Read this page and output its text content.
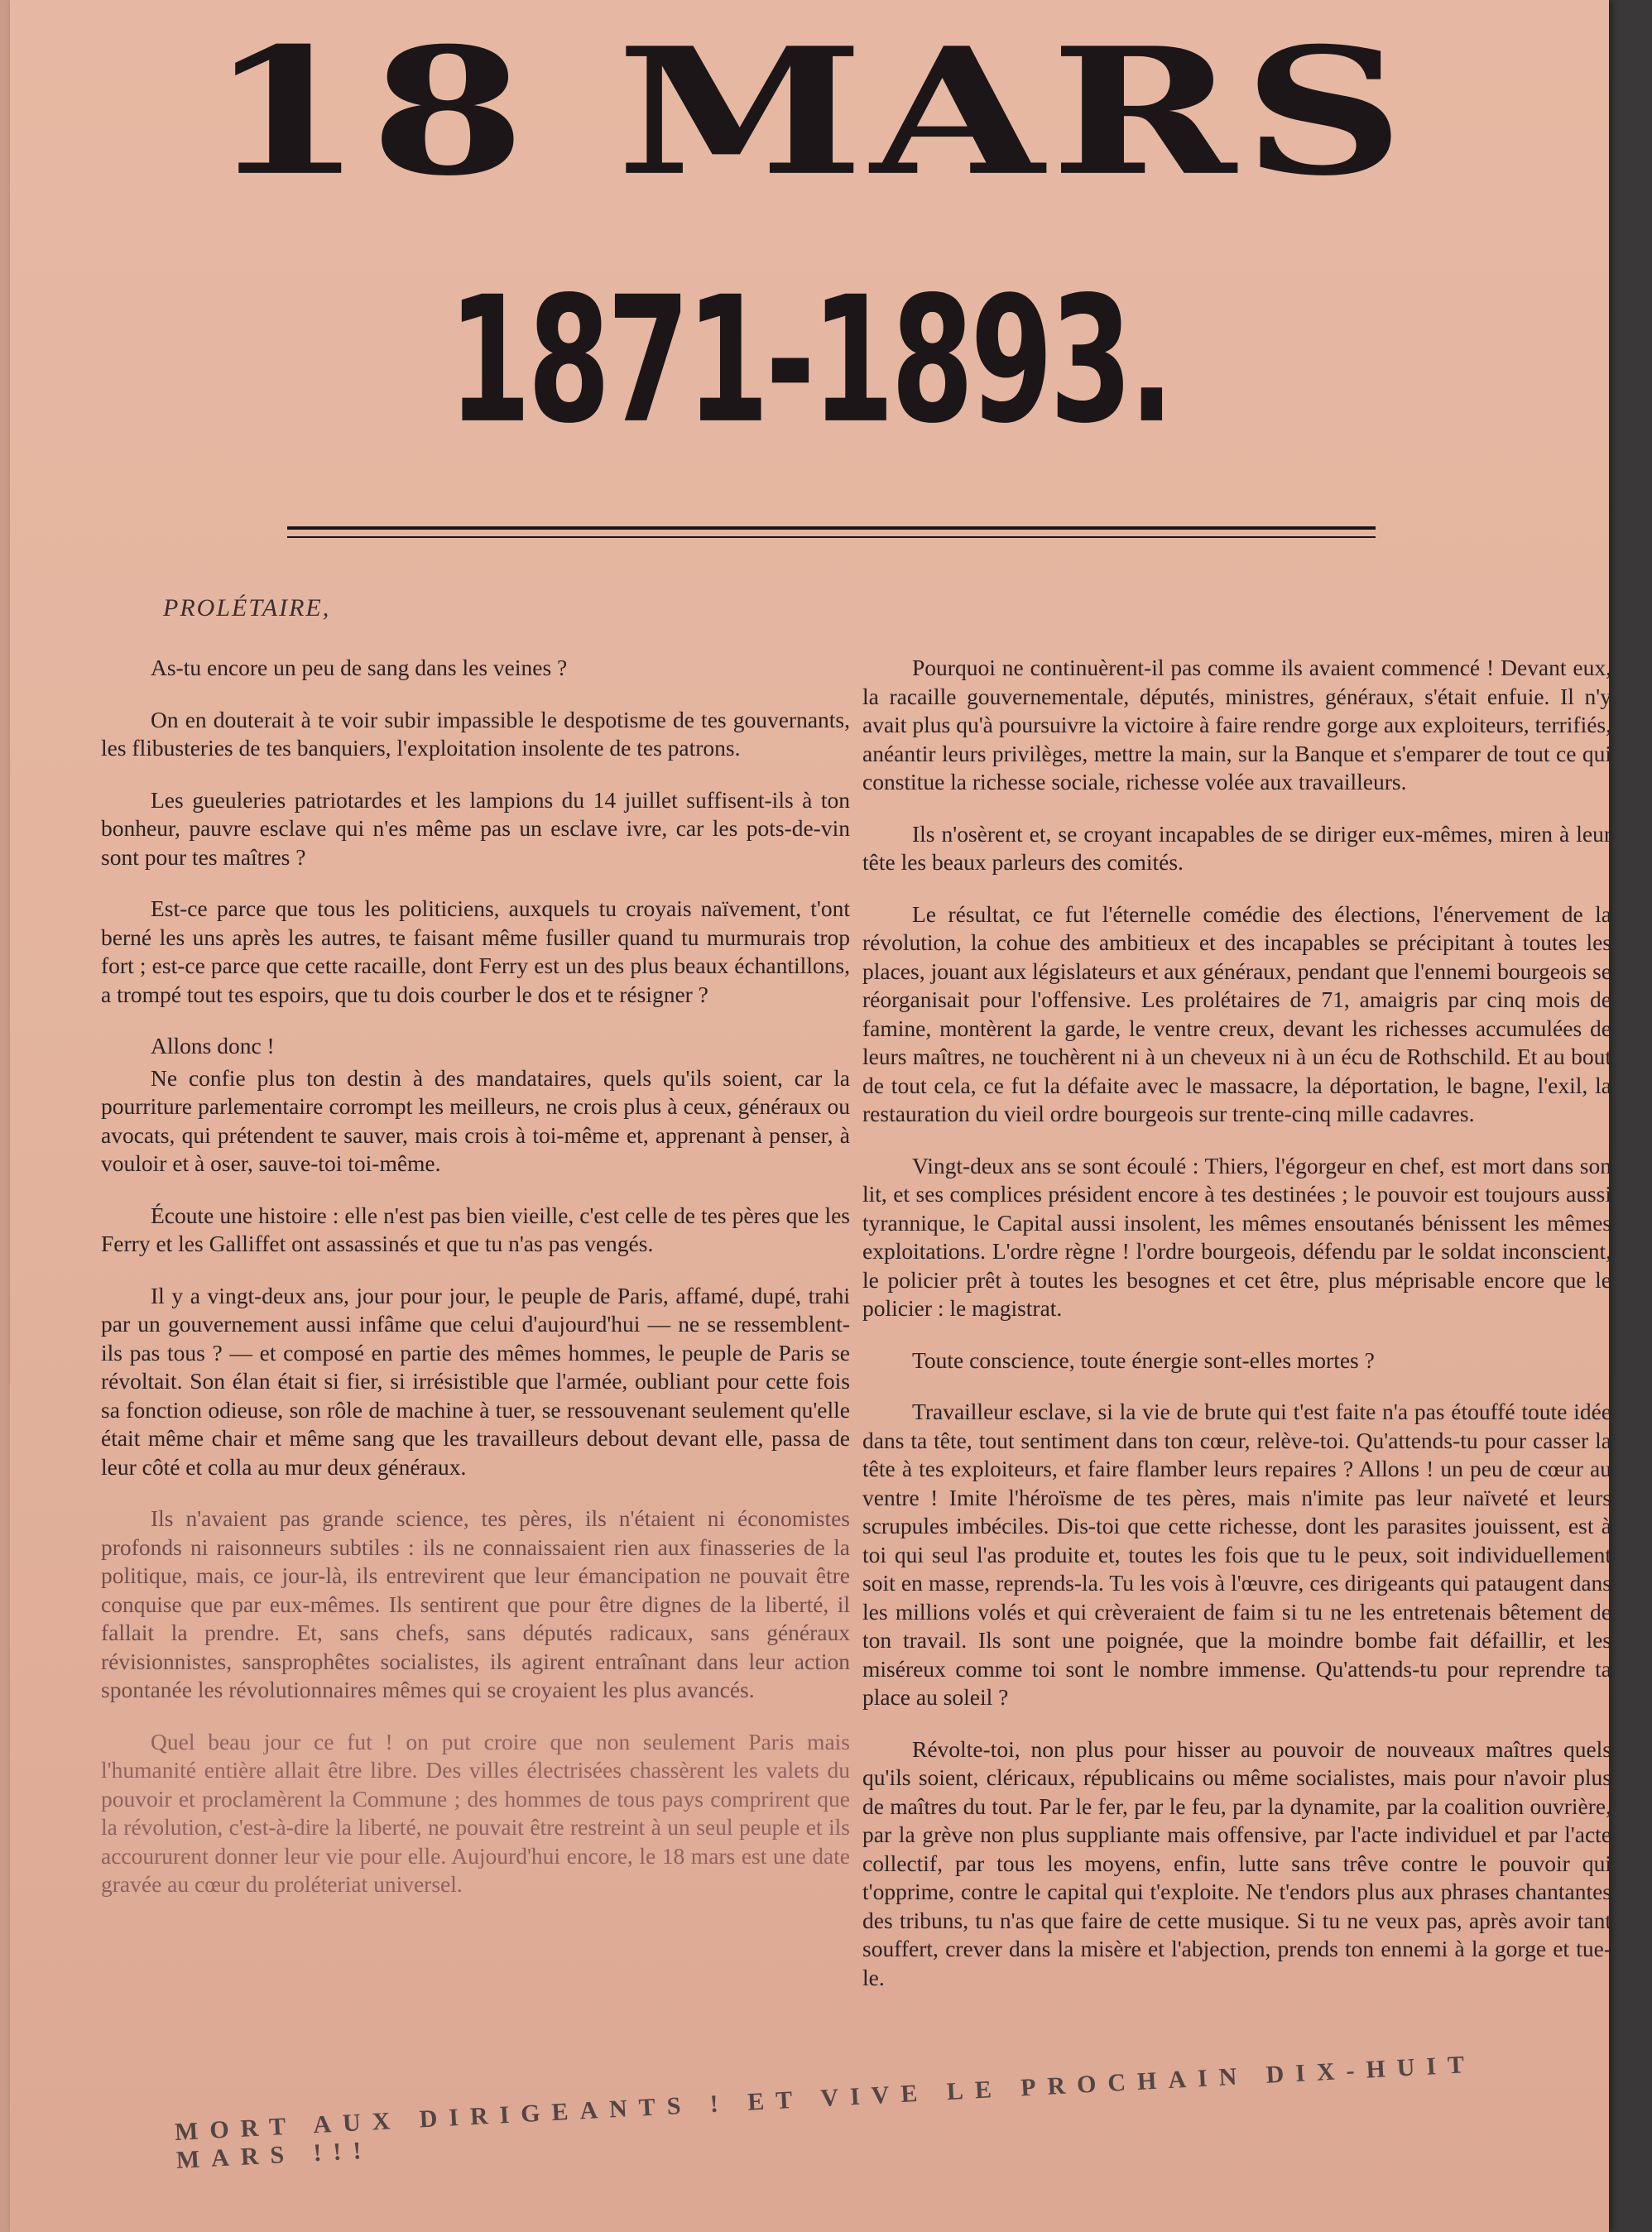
18 MARS
1871-1893.
PROLÉTAIRE,

As-tu encore un peu de sang dans les veines ?

On en douterait à te voir subir impassible le despotisme de tes gouvernants, les flibusteries de tes banquiers, l'exploitation insolente de tes patrons.

Les gueuleries patriotardes et les lampions du 14 juillet suffisent-ils à ton bonheur, pauvre esclave qui n'es même pas un esclave ivre, car les pots-de-vin sont pour tes maîtres ?

Est-ce parce que tous les politiciens, auxquels tu croyais naïvement, t'ont berné les uns après les autres, te faisant même fusiller quand tu murmurais trop fort ; est-ce parce que cette racaille, dont Ferry est un des plus beaux échantillons, a trompé tout tes espoirs, que tu dois courber le dos et te résigner ?

Allons donc !

Ne confie plus ton destin à des mandataires, quels qu'ils soient, car la pourriture parlementaire corrompt les meilleurs, ne crois plus à ceux, généraux ou avocats, qui prétendent te sauver, mais crois à toi-même et, apprenant à penser, à vouloir et à oser, sauve-toi toi-même.

Écoute une histoire : elle n'est pas bien vieille, c'est celle de tes pères que les Ferry et les Galliffet ont assassinés et que tu n'as pas vengés.

Il y a vingt-deux ans, jour pour jour, le peuple de Paris, affamé, dupé, trahi par un gouvernement aussi infâme que celui d'aujourd'hui — ne se ressemblent-ils pas tous ? — et composé en partie des mêmes hommes, le peuple de Paris se révoltait. Son élan était si fier, si irrésistible que l'armée, oubliant pour cette fois sa fonction odieuse, son rôle de machine à tuer, se ressouvenant seulement qu'elle était même chair et même sang que les travailleurs debout devant elle, passa de leur côté et colla au mur deux généraux.

Ils n'avaient pas grande science, tes pères, ils n'étaient ni économistes profonds ni raisonneurs subtiles : ils ne connaissaient rien aux finasseries de la politique, mais, ce jour-là, ils entrevirent que leur émancipation ne pouvait être conquise que par eux-mêmes. Ils sentirent que pour être dignes de la liberté, il fallait la prendre. Et, sans chefs, sans députés radicaux, sans généraux révisionnistes, sansprophêtes socialistes, ils agirent entraînant dans leur action spontanée les révolutionnaires mêmes qui se croyaient les plus avancés.

Quel beau jour ce fut ! on put croire que non seulement Paris mais l'humanité entière allait être libre. Des villes électrisées chassèrent les valets du pouvoir et proclamèrent la Commune ; des hommes de tous pays comprirent que la révolution, c'est-à-dire la liberté, ne pouvait être restreint à un seul peuple et ils accoururent donner leur vie pour elle. Aujourd'hui encore, le 18 mars est une date gravée au cœur du proléteriat universel.

Pourquoi ne continuèrent-il pas comme ils avaient commencé ! Devant eux, la racaille gouvernementale, députés, ministres, généraux, s'était enfuie. Il n'y avait plus qu'à poursuivre la victoire à faire rendre gorge aux exploiteurs, terrifiés, anéantir leurs privilèges, mettre la main, sur la Banque et s'emparer de tout ce qui constitue la richesse sociale, richesse volée aux travailleurs.

Ils n'osèrent et, se croyant incapables de se diriger eux-mêmes, miren à leur tête les beaux parleurs des comités.

Le résultat, ce fut l'éternelle comédie des élections, l'énervement de la révolution, la cohue des ambitieux et des incapables se précipitant à toutes les places, jouant aux législateurs et aux généraux, pendant que l'ennemi bourgeois se réorganisait pour l'offensive. Les prolétaires de 71, amaigris par cinq mois de famine, montèrent la garde, le ventre creux, devant les richesses accumulées de leurs maîtres, ne touchèrent ni à un cheveux ni à un écu de Rothschild. Et au bout de tout cela, ce fut la défaite avec le massacre, la déportation, le bagne, l'exil, la restauration du vieil ordre bourgeois sur trente-cinq mille cadavres.

Vingt-deux ans se sont écoulé : Thiers, l'égorgeur en chef, est mort dans son lit, et ses complices président encore à tes destinées ; le pouvoir est toujours aussi tyrannique, le Capital aussi insolent, les mêmes ensoutanés bénissent les mêmes exploitations. L'ordre règne ! l'ordre bourgeois, défendu par le soldat inconscient, le policier prêt à toutes les besognes et cet être, plus méprisable encore que le policier : le magistrat.

Toute conscience, toute énergie sont-elles mortes ?

Travailleur esclave, si la vie de brute qui t'est faite n'a pas étouffé toute idée dans ta tête, tout sentiment dans ton cœur, relève-toi. Qu'attends-tu pour casser la tête à tes exploiteurs, et faire flamber leurs repaires ? Allons ! un peu de cœur au ventre ! Imite l'héroïsme de tes pères, mais n'imite pas leur naïveté et leurs scrupules imbéciles. Dis-toi que cette richesse, dont les parasites jouissent, est à toi qui seul l'as produite et, toutes les fois que tu le peux, soit individuellement soit en masse, reprends-la. Tu les vois à l'œuvre, ces dirigeants qui pataugent dans les millions volés et qui crèveraient de faim si tu ne les entretenais bêtement de ton travail. Ils sont une poignée, que la moindre bombe fait défaillir, et les miséreux comme toi sont le nombre immense. Qu'attends-tu pour reprendre ta place au soleil ?

Révolte-toi, non plus pour hisser au pouvoir de nouveaux maîtres quels qu'ils soient, cléricaux, républicains ou même socialistes, mais pour n'avoir plus de maîtres du tout. Par le fer, par le feu, par la dynamite, par la coalition ouvrière, par la grève non plus suppliante mais offensive, par l'acte individuel et par l'acte collectif, par tous les moyens, enfin, lutte sans trêve contre le pouvoir qui t'opprime, contre le capital qui t'exploite. Ne t'endors plus aux phrases chantantes des tribuns, tu n'as que faire de cette musique. Si tu ne veux pas, après avoir tant souffert, crever dans la misère et l'abjection, prends ton ennemi à la gorge et tue-le.

MORT AUX DIRIGEANTS ! ET VIVE LE PROCHAIN DIX-HUIT MARS !!!
